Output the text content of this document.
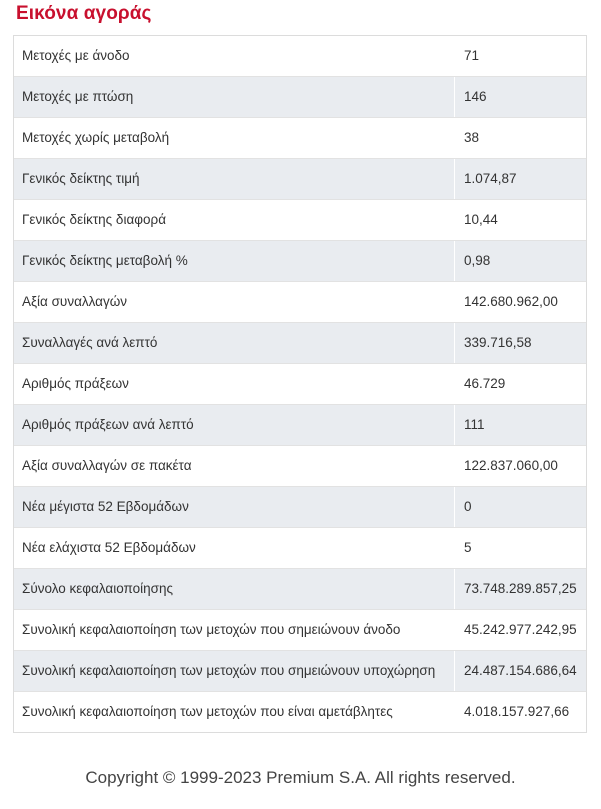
Εικόνα αγοράς
Μετοχές με άνοδο	71
Μετοχές με πτώση	146
Μετοχές χωρίς μεταβολή	38
Γενικός δείκτης τιμή	1.074,87
Γενικός δείκτης διαφορά	10,44
Γενικός δείκτης μεταβολή %	0,98
Αξία συναλλαγών	142.680.962,00
Συναλλαγές ανά λεπτό	339.716,58
Αριθμός πράξεων	46.729
Αριθμός πράξεων ανά λεπτό	111
Αξία συναλλαγών σε πακέτα	122.837.060,00
Νέα μέγιστα 52 Εβδομάδων	0
Νέα ελάχιστα 52 Εβδομάδων	5
Σύνολο κεφαλαιοποίησης	73.748.289.857,25
Συνολική κεφαλαιοποίηση των μετοχών που σημειώνουν άνοδο	45.242.977.242,95
Συνολική κεφαλαιοποίηση των μετοχών που σημειώνουν υποχώρηση	24.487.154.686,64
Συνολική κεφαλαιοποίηση των μετοχών που είναι αμετάβλητες	4.018.157.927,66
Copyright © 1999-2023 Premium S.A. All rights reserved.
